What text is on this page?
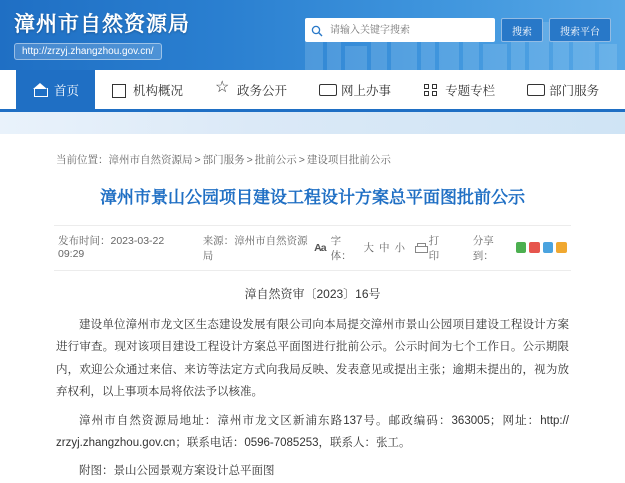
漳州市自然资源局
http://zrzyj.zhangzhou.gov.cn/
请输入关键字搜索
搜索	搜索平台
首页	机构概况 ☆	政务公开	网上办事	专题专栏	部门服务
当前位置：漳州市自然资源局 > 部门服务 > 批前公示 > 建设项目批前公示
漳州市景山公园项目建设工程设计方案总平面图批前公示
发布时间：2023-03-22 09:29
来源：漳州市自然资源局
Aa
字体：
大 中 小
打印
分享到：
漳自然资审〔2023〕16号

建设单位漳州市龙文区生态建设发展有限公司向本局提交漳州市景山公园项目建设工程设计方案进行审查。现对该项目建设工程设计方案总平面图进行批前公示。公示时间为七个工作日。公示期限内，欢迎公众通过来信、来访等法定方式向我局反映、发表意见或提出主张；逾期未提出的，视为放弃权利，以上事项本局将依法予以核准。

漳州市自然资源局地址：漳州市龙文区新浦东路137号。邮政编码：363005；网址：http:// zrzyj.zhangzhou.gov.cn；联系电话：0596-7085253，联系人：张工。

附图：景山公园景观方案设计总平面图
